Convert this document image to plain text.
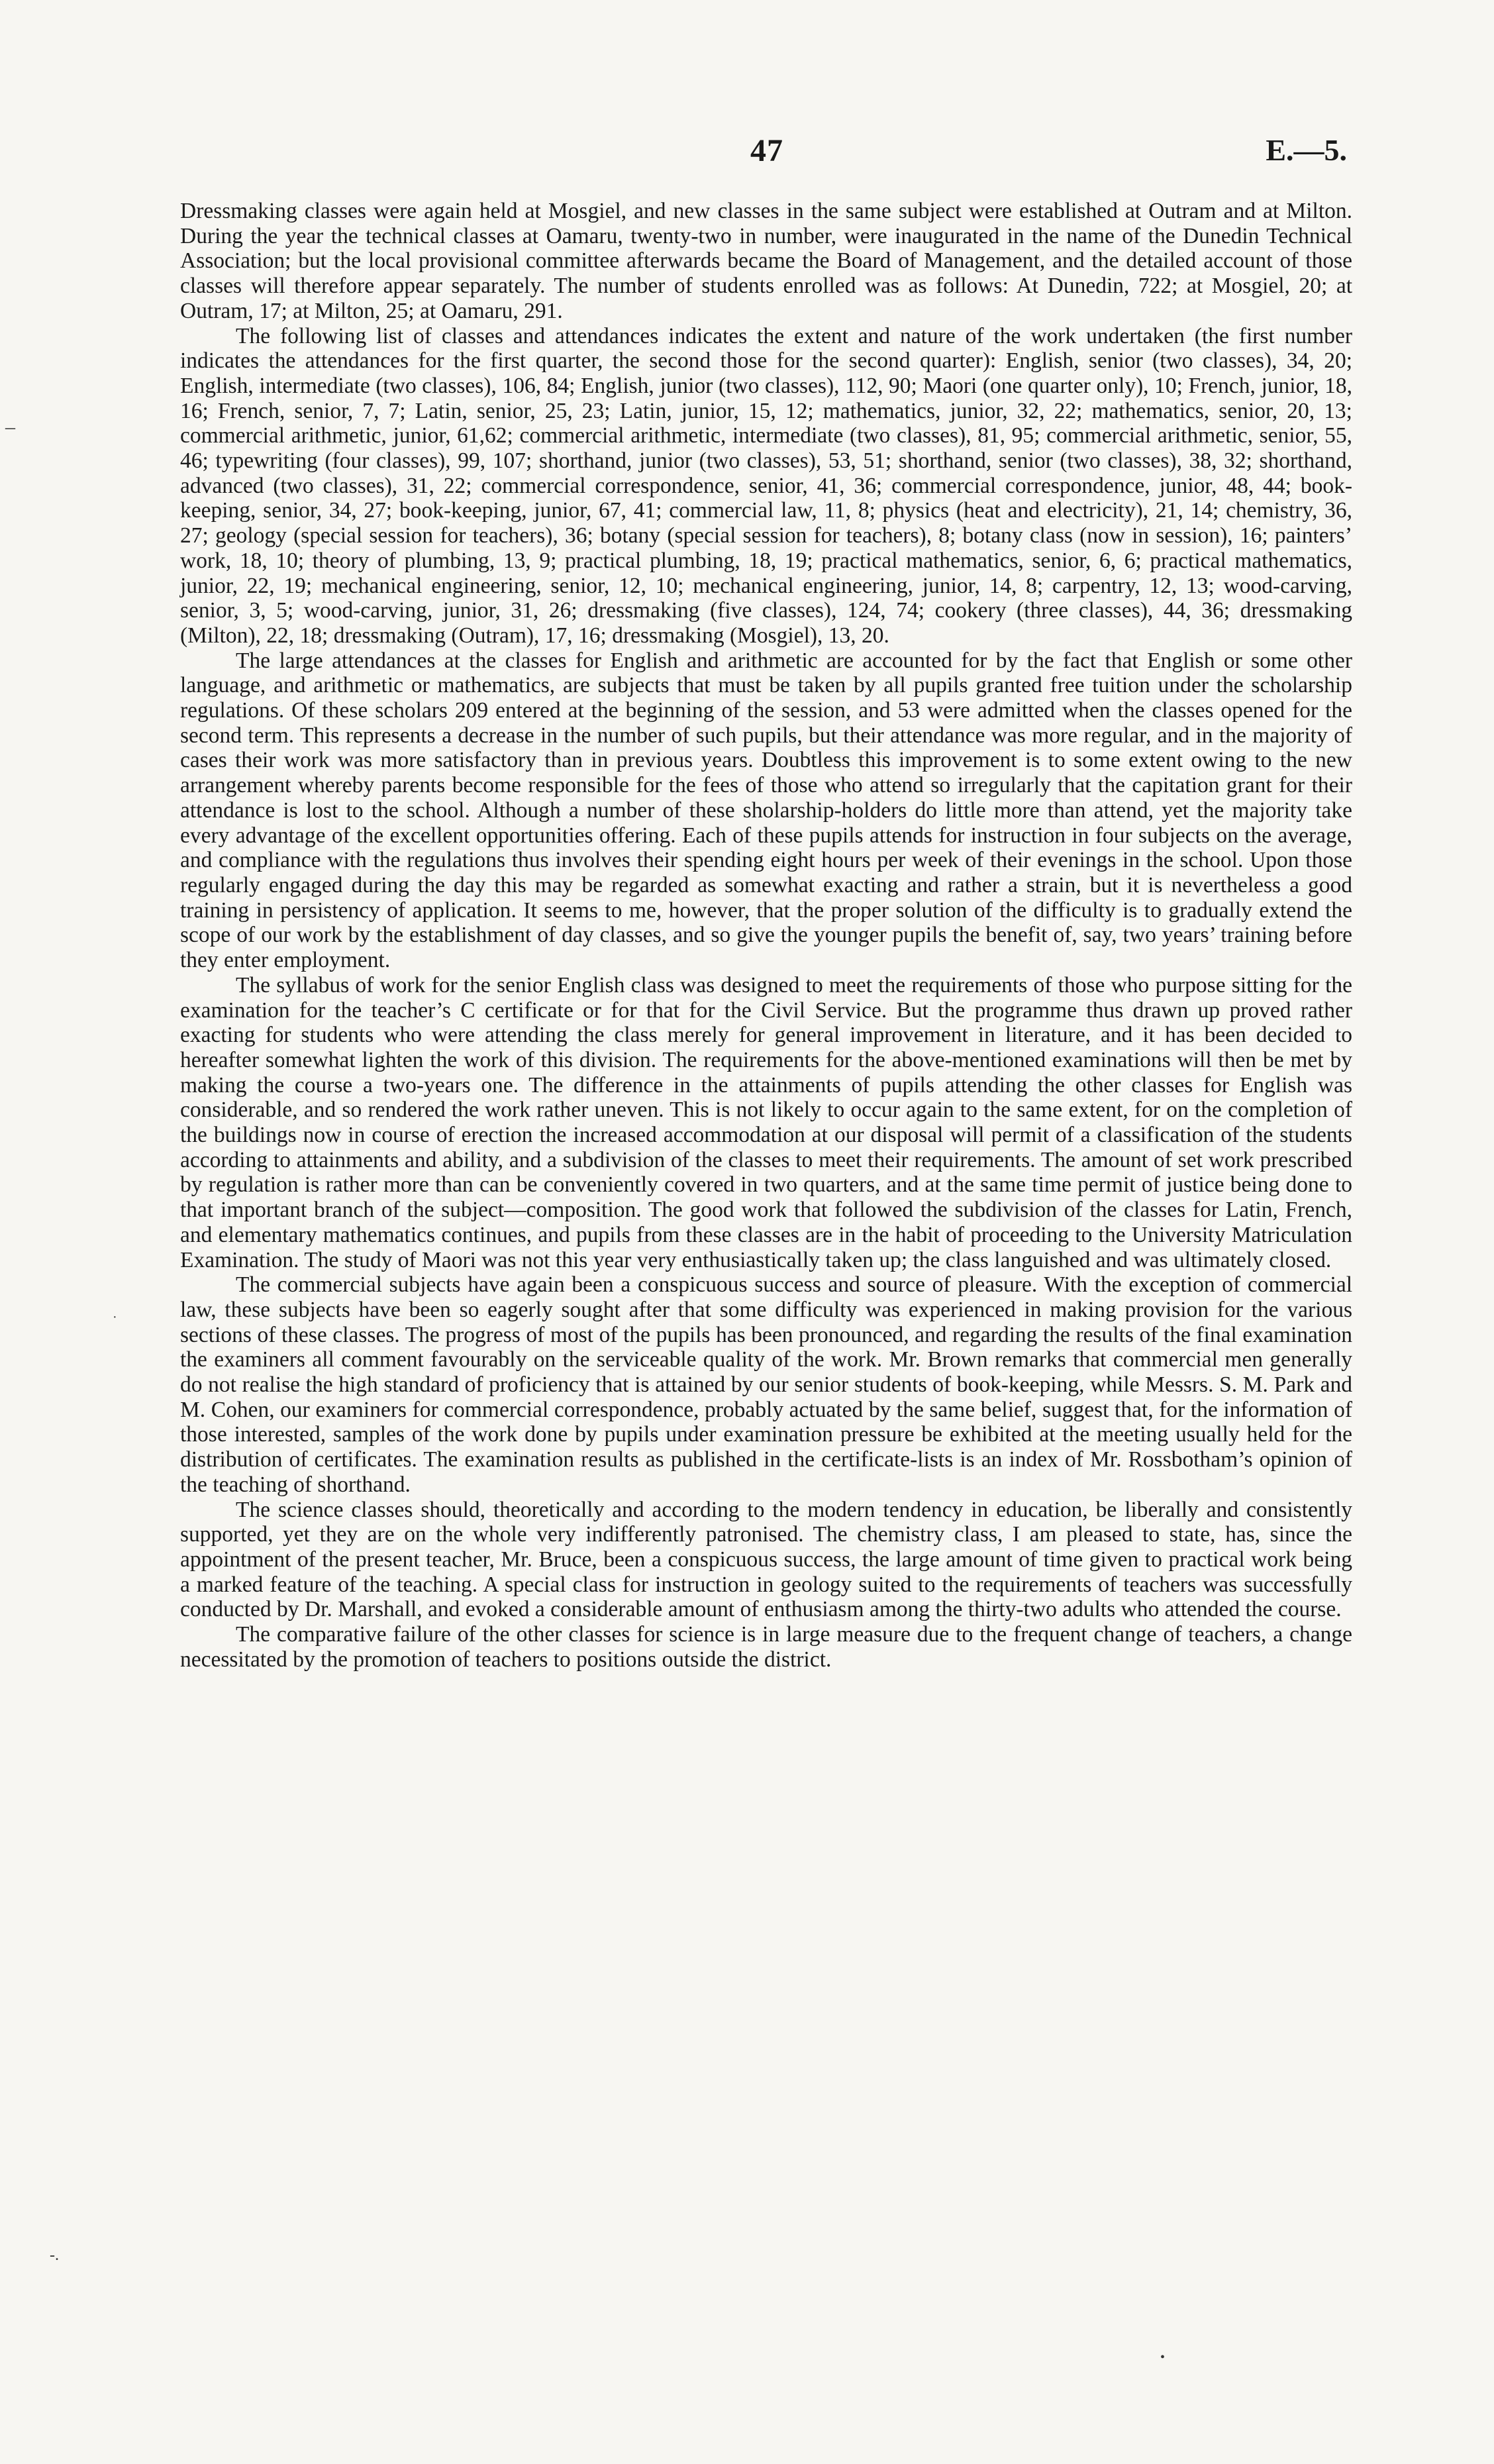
47	E.—5.
–
·
-.
•

Dressmaking classes were again held at Mosgiel, and new classes in the same subject were established at Outram and at Milton. During the year the technical classes at Oamaru, twenty-two in number, were inaugurated in the name of the Dunedin Technical Association; but the local provisional committee afterwards became the Board of Management, and the detailed account of those classes will therefore appear separately. The number of students enrolled was as follows: At Dunedin, 722; at Mosgiel, 20; at Outram, 17; at Milton, 25; at Oamaru, 291.

The following list of classes and attendances indicates the extent and nature of the work undertaken (the first number indicates the attendances for the first quarter, the second those for the second quarter): English, senior (two classes), 34, 20; English, intermediate (two classes), 106, 84; English, junior (two classes), 112, 90; Maori (one quarter only), 10; French, junior, 18, 16; French, senior, 7, 7; Latin, senior, 25, 23; Latin, junior, 15, 12; mathematics, junior, 32, 22; mathematics, senior, 20, 13; commercial arithmetic, junior, 61,62; commercial arithmetic, intermediate (two classes), 81, 95; commercial arithmetic, senior, 55, 46; typewriting (four classes), 99, 107; shorthand, junior (two classes), 53, 51; shorthand, senior (two classes), 38, 32; shorthand, advanced (two classes), 31, 22; commercial correspondence, senior, 41, 36; commercial correspondence, junior, 48, 44; book-keeping, senior, 34, 27; book-keeping, junior, 67, 41; commercial law, 11, 8; physics (heat and electricity), 21, 14; chemistry, 36, 27; geology (special session for teachers), 36; botany (special session for teachers), 8; botany class (now in session), 16; painters’ work, 18, 10; theory of plumbing, 13, 9; practical plumbing, 18, 19; practical mathematics, senior, 6, 6; practical mathematics, junior, 22, 19; mechanical engineering, senior, 12, 10; mechanical engineering, junior, 14, 8; carpentry, 12, 13; wood-carving, senior, 3, 5; wood-carving, junior, 31, 26; dressmaking (five classes), 124, 74; cookery (three classes), 44, 36; dressmaking (Milton), 22, 18; dressmaking (Outram), 17, 16; dressmaking (Mosgiel), 13, 20.

The large attendances at the classes for English and arithmetic are accounted for by the fact that English or some other language, and arithmetic or mathematics, are subjects that must be taken by all pupils granted free tuition under the scholarship regulations. Of these scholars 209 entered at the beginning of the session, and 53 were admitted when the classes opened for the second term. This represents a decrease in the number of such pupils, but their attendance was more regular, and in the majority of cases their work was more satisfactory than in previous years. Doubtless this improvement is to some extent owing to the new arrangement whereby parents become responsible for the fees of those who attend so irregularly that the capitation grant for their attendance is lost to the school. Although a number of these sholarship-holders do little more than attend, yet the majority take every advantage of the excellent opportunities offering. Each of these pupils attends for instruction in four subjects on the average, and compliance with the regulations thus involves their spending eight hours per week of their evenings in the school. Upon those regularly engaged during the day this may be regarded as somewhat exacting and rather a strain, but it is nevertheless a good training in persistency of application. It seems to me, however, that the proper solution of the difficulty is to gradually extend the scope of our work by the establishment of day classes, and so give the younger pupils the benefit of, say, two years’ training before they enter employment.

The syllabus of work for the senior English class was designed to meet the requirements of those who purpose sitting for the examination for the teacher’s C certificate or for that for the Civil Service. But the programme thus drawn up proved rather exacting for students who were attending the class merely for general improvement in literature, and it has been decided to hereafter somewhat lighten the work of this division. The requirements for the above-mentioned examinations will then be met by making the course a two-years one. The difference in the attainments of pupils attending the other classes for English was considerable, and so rendered the work rather uneven. This is not likely to occur again to the same extent, for on the completion of the buildings now in course of erection the increased accommodation at our disposal will permit of a classification of the students according to attainments and ability, and a subdivision of the classes to meet their requirements. The amount of set work prescribed by regulation is rather more than can be conveniently covered in two quarters, and at the same time permit of justice being done to that important branch of the subject—composition. The good work that followed the subdivision of the classes for Latin, French, and elementary mathematics continues, and pupils from these classes are in the habit of proceeding to the University Matriculation Examination. The study of Maori was not this year very enthusiastically taken up; the class languished and was ultimately closed.

The commercial subjects have again been a conspicuous success and source of pleasure. With the exception of commercial law, these subjects have been so eagerly sought after that some difficulty was experienced in making provision for the various sections of these classes. The progress of most of the pupils has been pronounced, and regarding the results of the final examination the examiners all comment favourably on the serviceable quality of the work. Mr. Brown remarks that commercial men generally do not realise the high standard of proficiency that is attained by our senior students of book-keeping, while Messrs. S. M. Park and M. Cohen, our examiners for commercial correspondence, probably actuated by the same belief, suggest that, for the information of those interested, samples of the work done by pupils under examination pressure be exhibited at the meeting usually held for the distribution of certificates. The examination results as published in the certificate-lists is an index of Mr. Rossbotham’s opinion of the teaching of shorthand.

The science classes should, theoretically and according to the modern tendency in education, be liberally and consistently supported, yet they are on the whole very indifferently patronised. The chemistry class, I am pleased to state, has, since the appointment of the present teacher, Mr. Bruce, been a conspicuous success, the large amount of time given to practical work being a marked feature of the teaching. A special class for instruction in geology suited to the requirements of teachers was successfully conducted by Dr. Marshall, and evoked a considerable amount of enthusiasm among the thirty-two adults who attended the course.

The comparative failure of the other classes for science is in large measure due to the frequent change of teachers, a change necessitated by the promotion of teachers to positions outside the district.
